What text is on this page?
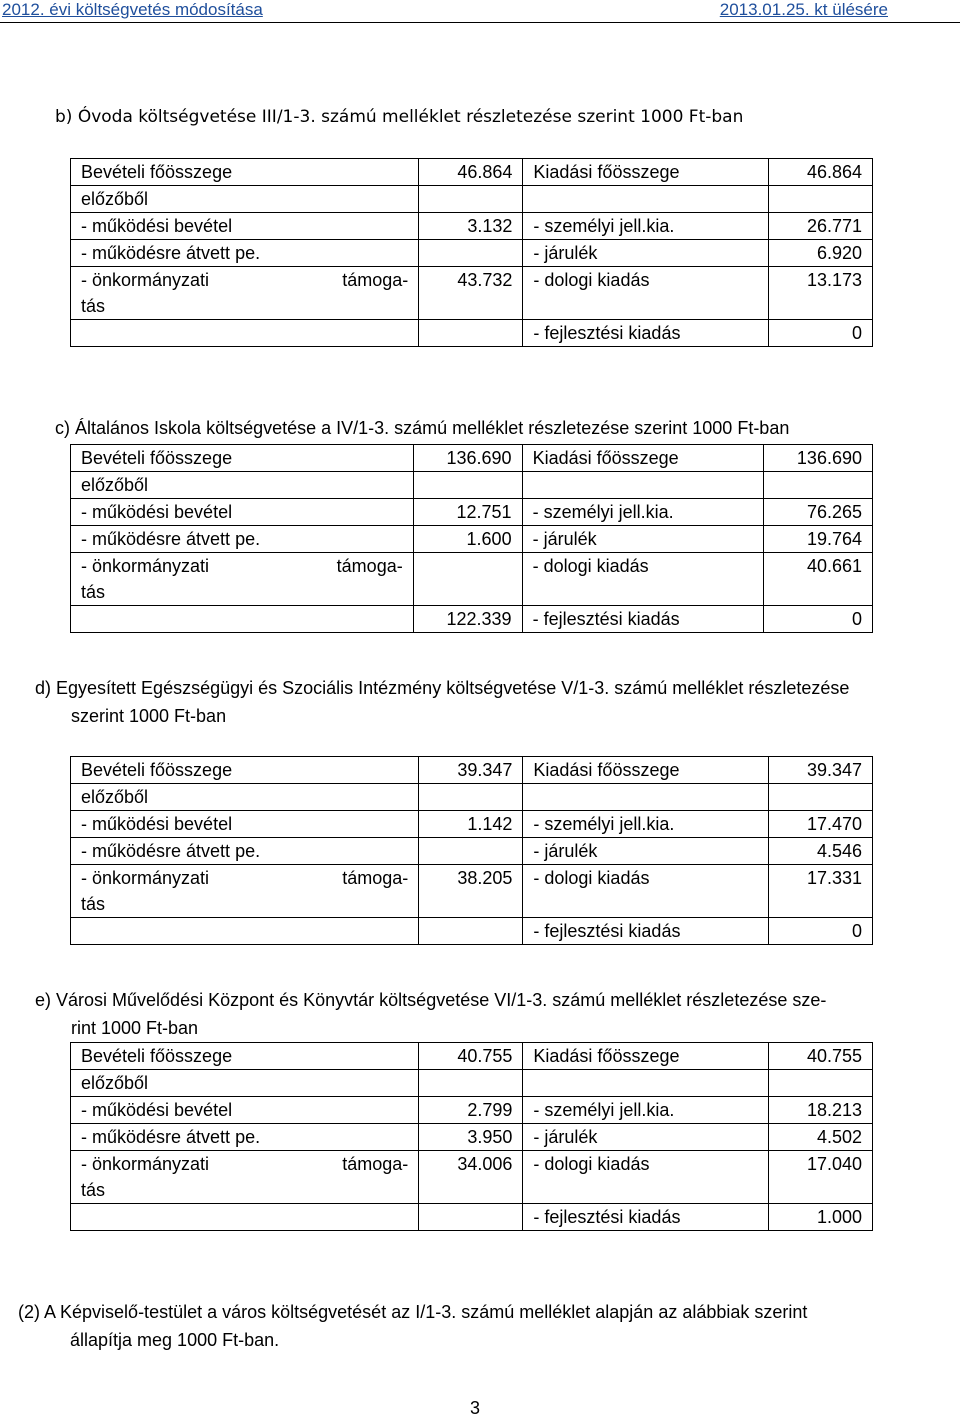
2012. évi költségvetés módosítása	2013.01.25. kt ülésére
b) Óvoda költségvetése III/1-3. számú melléklet részletezése szerint 1000 Ft-ban
Bevételi főösszege	46.864	Kiadási főösszege	46.864
előzőből			
- működési bevétel	3.132	- személyi jell.kia.	26.771
- működésre átvett pe.		- járulék	6.920

- önkormányzati támoga-
tás	43.732	- dologi kiadás	13.173
		- fejlesztési kiadás	0
c) Általános Iskola költségvetése a IV/1-3. számú melléklet részletezése szerint 1000 Ft-ban
Bevételi főösszege	136.690	Kiadási főösszege	136.690
előzőből			
- működési bevétel	12.751	- személyi jell.kia.	76.265
- működésre átvett pe.	1.600	- járulék	19.764

- önkormányzati támoga-
tás		- dologi kiadás	40.661
	122.339	- fejlesztési kiadás	0
d) Egyesített Egészségügyi és Szociális Intézmény költségvetése V/1-3. számú melléklet részletezése
szerint 1000 Ft-ban
Bevételi főösszege	39.347	Kiadási főösszege	39.347
előzőből			
- működési bevétel	1.142	- személyi jell.kia.	17.470
- működésre átvett pe.		- járulék	4.546

- önkormányzati támoga-
tás	38.205	- dologi kiadás	17.331
		- fejlesztési kiadás	0
e) Városi Művelődési Központ és Könyvtár költségvetése VI/1-3. számú melléklet részletezése sze-
rint 1000 Ft-ban
Bevételi főösszege	40.755	Kiadási főösszege	40.755
előzőből			
- működési bevétel	2.799	- személyi jell.kia.	18.213
- működésre átvett pe.	3.950	- járulék	4.502

- önkormányzati támoga-
tás	34.006	- dologi kiadás	17.040
		- fejlesztési kiadás	1.000
(2) A Képviselő-testület a város költségvetését az I/1-3. számú melléklet alapján az alábbiak szerint
állapítja meg 1000 Ft-ban.
3
